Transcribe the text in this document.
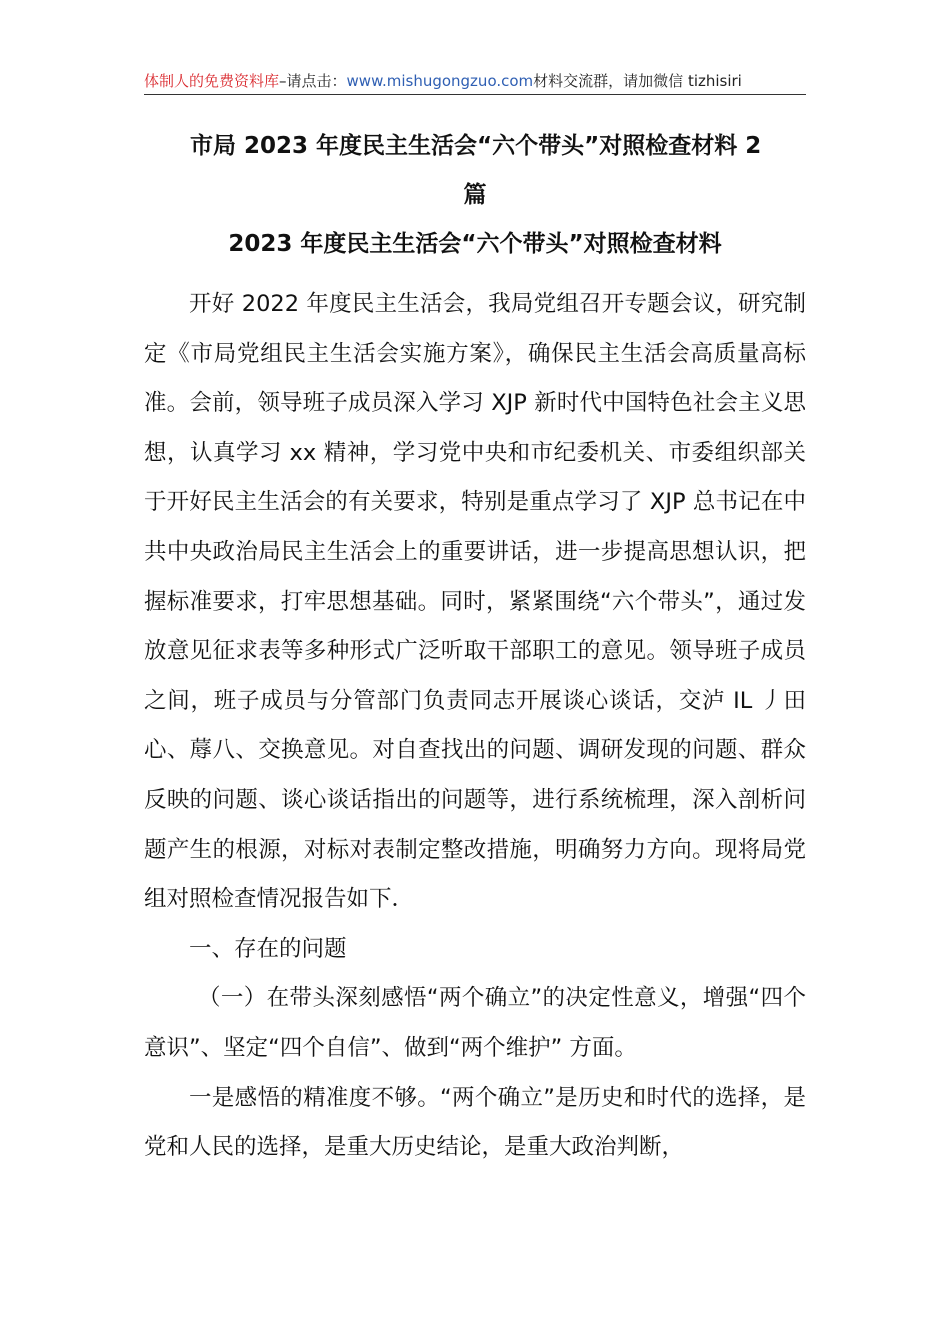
体制人的免费资料库–请点击：www.mishugongzuo.com材料交流群，请加微信 tizhisiri
市局 2023 年度民主生活会“六个带头”对照检查材料 2
篇
2023 年度民主生活会“六个带头”对照检查材料

开好 2022 年度民主生活会，我局党组召开专题会议，研究制定《市局党组民主生活会实施方案》，确保民主生活会高质量高标准。会前，领导班子成员深入学习 XJP 新时代中国特色社会主义思想，认真学习 xx 精神，学习党中央和市纪委机关、市委组织部关于开好民主生活会的有关要求，特别是重点学习了 XJP 总书记在中共中央政治局民主生活会上的重要讲话，进一步提高思想认识，把握标准要求，打牢思想基础。同时，紧紧围绕“六个带头”，通过发放意见征求表等多种形式广泛听取干部职工的意见。领导班子成员之间，班子成员与分管部门负责同志开展谈心谈话，交泸 IL 丿田心、蓐八、交换意见。对自查找出的问题、调研发现的问题、群众反映的问题、谈心谈话指出的问题等，进行系统梳理，深入剖析问题产生的根源，对标对表制定整改措施，明确努力方向。现将局党组对照检查情况报告如下．

一、存在的问题

（一）在带头深刻感悟“两个确立”的决定性意义，增强“四个意识”、坚定“四个自信”、做到“两个维护” 方面。

一是感悟的精准度不够。“两个确立”是历史和时代的选择，是党和人民的选择，是重大历史结论，是重大政治判断，
